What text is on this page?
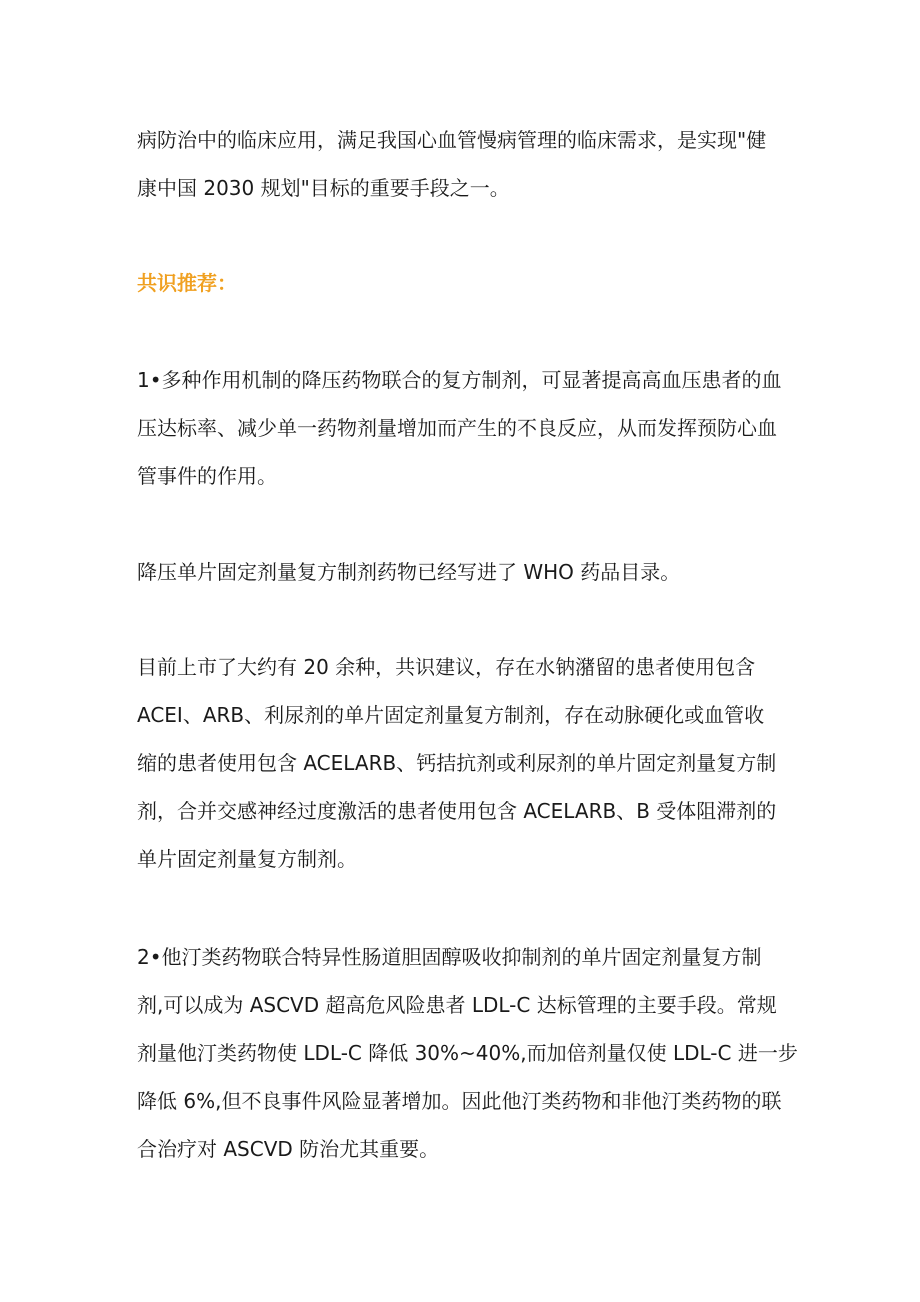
病防治中的临床应用，满足我国心血管慢病管理的临床需求，是实现"健
康中国 2030 规划"目标的重要手段之一。
共识推荐：
1•多种作用机制的降压药物联合的复方制剂，可显著提高高血压患者的血
压达标率、减少单一药物剂量增加而产生的不良反应，从而发挥预防心血
管事件的作用。
降压单片固定剂量复方制剂药物已经写进了 WHO 药品目录。
目前上市了大约有 20 余种，共识建议，存在水钠潴留的患者使用包含
ACEI、ARB、利尿剂的单片固定剂量复方制剂，存在动脉硬化或血管收
缩的患者使用包含 ACELARB、钙拮抗剂或利尿剂的单片固定剂量复方制
剂，合并交感神经过度激活的患者使用包含 ACELARB、B 受体阻滞剂的
单片固定剂量复方制剂。
2•他汀类药物联合特异性肠道胆固醇吸收抑制剂的单片固定剂量复方制
剂,可以成为 ASCVD 超高危风险患者 LDL-C 达标管理的主要手段。常规
剂量他汀类药物使 LDL-C 降低 30%~40%,而加倍剂量仅使 LDL-C 进一步
降低 6%,但不良事件风险显著增加。因此他汀类药物和非他汀类药物的联
合治疗对 ASCVD 防治尤其重要。
